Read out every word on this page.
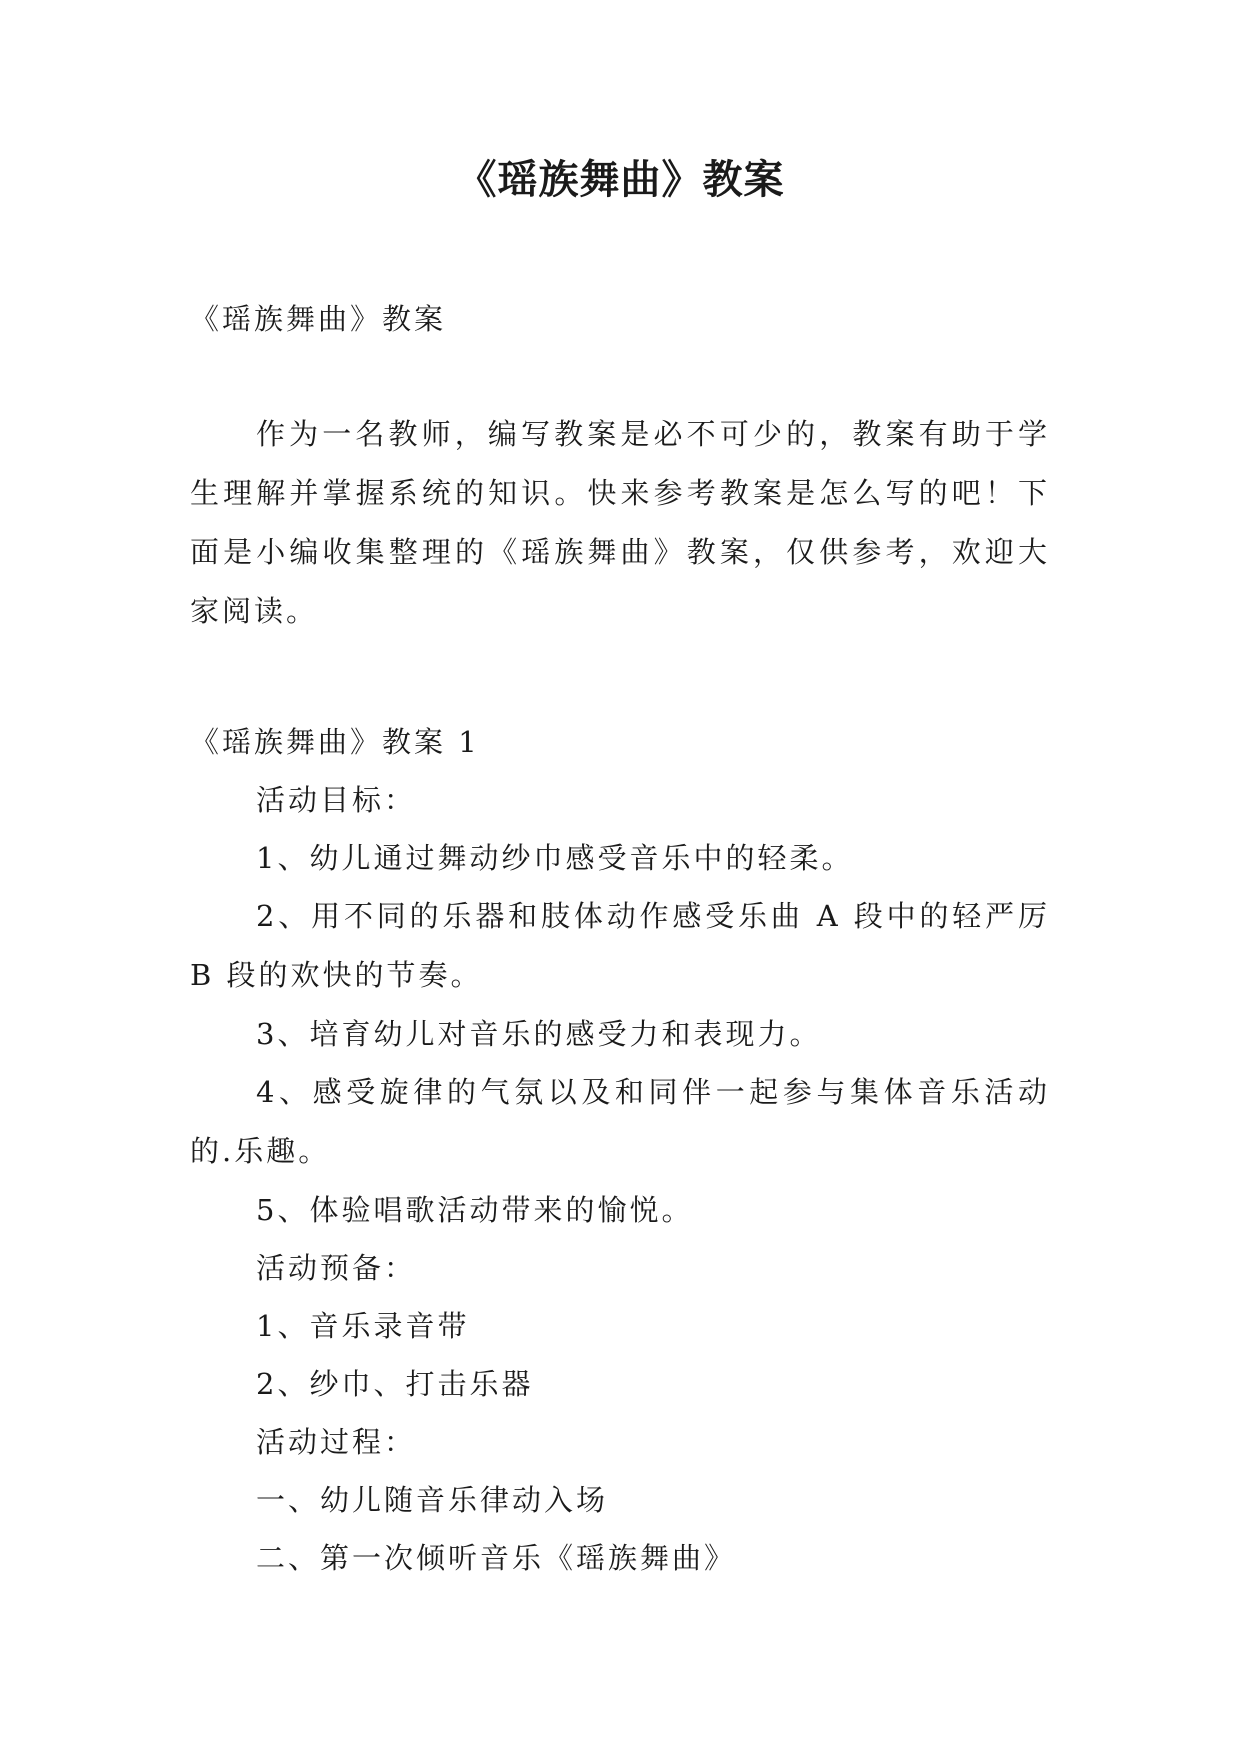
《瑶族舞曲》教案
《瑶族舞曲》教案
作为一名教师，编写教案是必不可少的，教案有助于学生理解并掌握系统的知识。快来参考教案是怎么写的吧！下面是小编收集整理的《瑶族舞曲》教案，仅供参考，欢迎大家阅读。
《瑶族舞曲》教案 1
活动目标：
1、幼儿通过舞动纱巾感受音乐中的轻柔。
2、用不同的乐器和肢体动作感受乐曲 A 段中的轻严厉 B 段的欢快的节奏。
3、培育幼儿对音乐的感受力和表现力。
4、感受旋律的气氛以及和同伴一起参与集体音乐活动的.乐趣。
5、体验唱歌活动带来的愉悦。
活动预备：
1、音乐录音带
2、纱巾、打击乐器
活动过程：
一、幼儿随音乐律动入场
二、第一次倾听音乐《瑶族舞曲》
